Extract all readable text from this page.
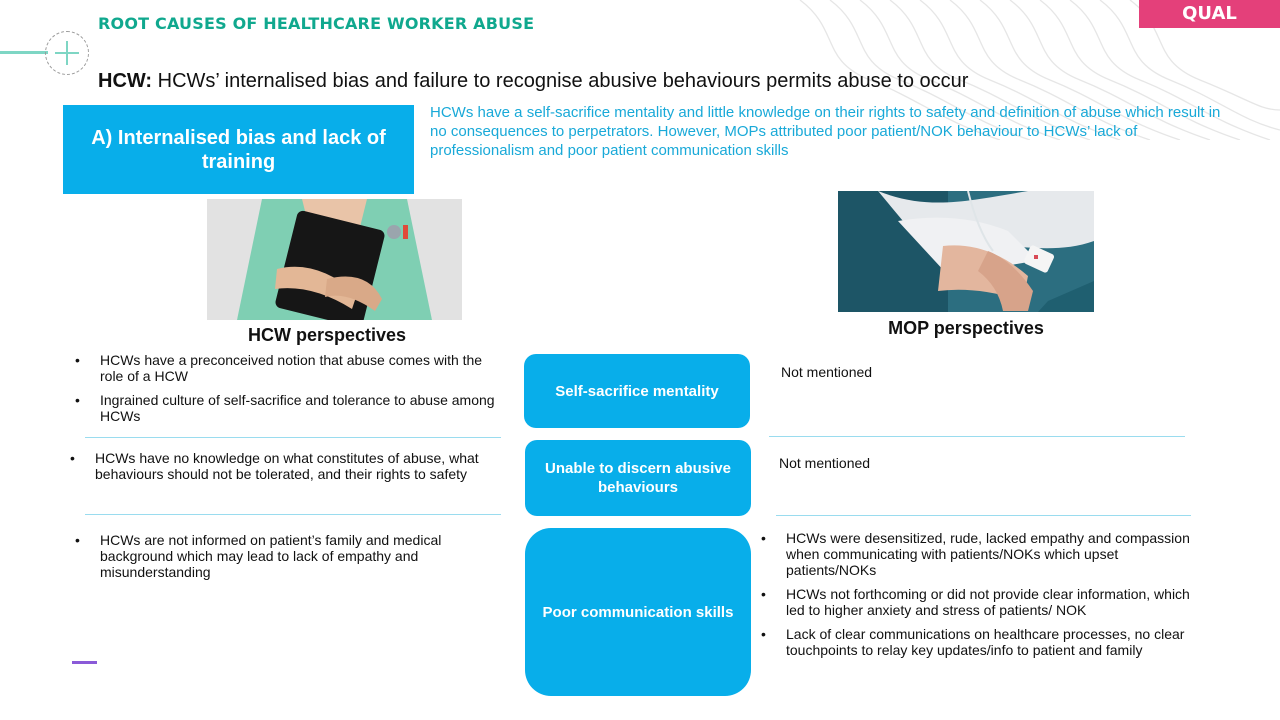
ROOT CAUSES OF HEALTHCARE WORKER ABUSE	QUAL
HCW: HCWs’ internalised bias and failure to recognise abusive behaviours permits abuse to occur
A) Internalised bias and lack of training
HCWs have a self-sacrifice mentality and little knowledge on their rights to safety and definition of abuse which result in no consequences to perpetrators. However, MOPs attributed poor patient/NOK behaviour to HCWs’ lack of professionalism and poor patient communication skills
HCW perspectives	MOP perspectives
• HCWs have a preconceived notion that abuse comes with the role of a HCW
• Ingrained culture of self-sacrifice and tolerance to abuse among HCWs
• HCWs have no knowledge on what constitutes of abuse, what behaviours should not be tolerated, and their rights to safety
• HCWs are not informed on patient’s family and medical background which may lead to lack of empathy and misunderstanding
Self-sacrifice mentality
Unable to discern abusive behaviours
Poor communication skills
Not mentioned
Not mentioned
• HCWs were desensitized, rude, lacked empathy and compassion when communicating with patients/NOKs which upset patients/NOKs
• HCWs not forthcoming or did not provide clear information, which led to higher anxiety and stress of patients/ NOK
• Lack of clear communications on healthcare processes, no clear touchpoints to relay key updates/info to patient and family
